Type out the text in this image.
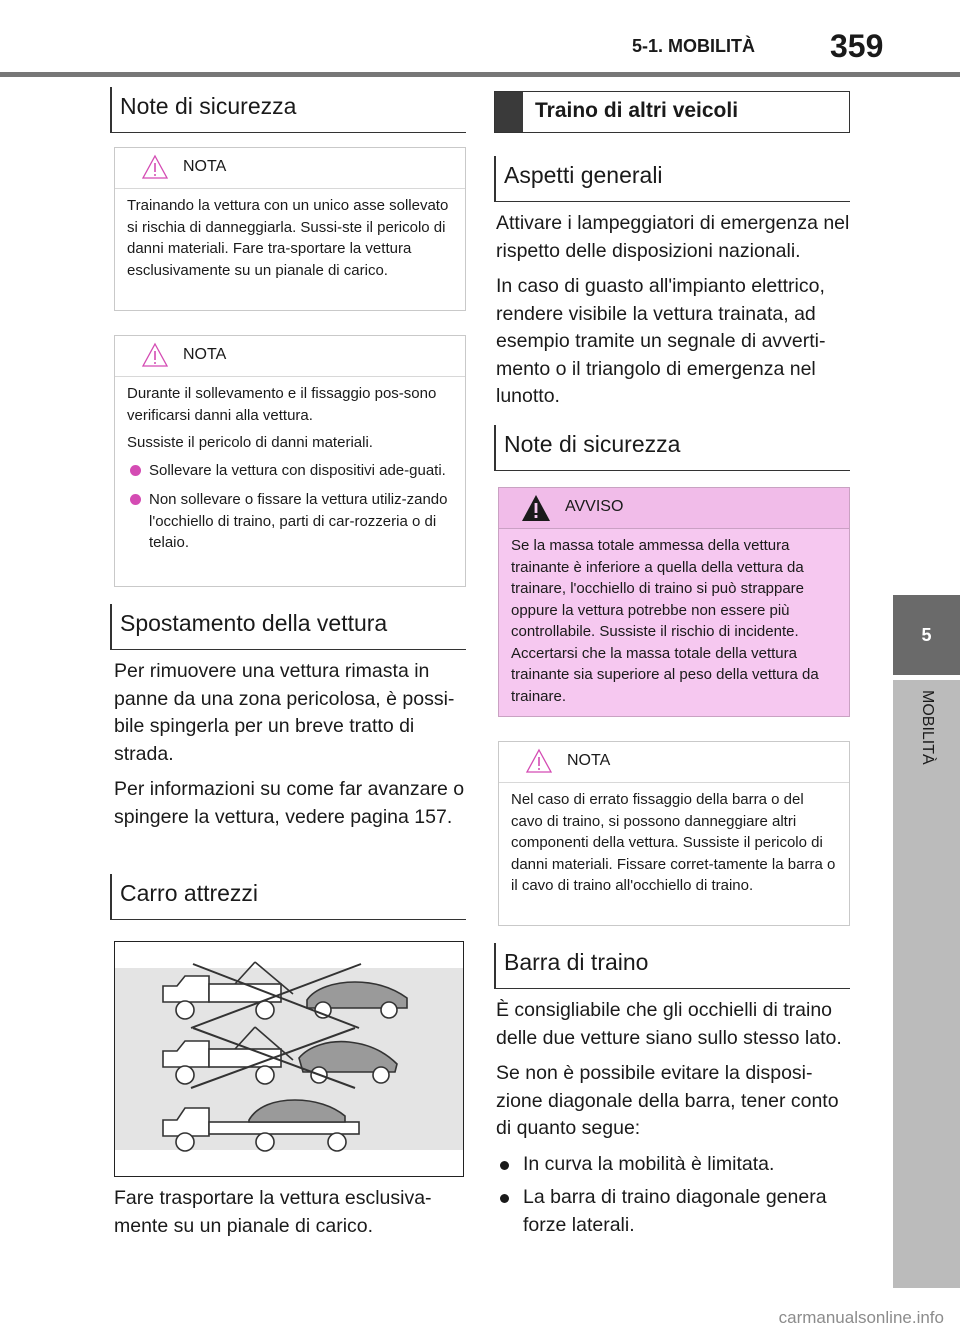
5-1. MOBILITÀ 359
5
MOBILITÀ
Note di sicurezza
NOTA

Trainando la vettura con un unico asse sollevato si rischia di danneggiarla. Sussi-ste il pericolo di danni materiali. Fare tra-sportare la vettura esclusivamente su un pianale di carico.

NOTA

Durante il sollevamento e il fissaggio pos-sono verificarsi danni alla vettura.

Sussiste il pericolo di danni materiali.

Sollevare la vettura con dispositivi ade-guati.
Non sollevare o fissare la vettura utiliz-zando l'occhiello di traino, parti di car-rozzeria o di telaio.
Spostamento della vettura

Per rimuovere una vettura rimasta in panne da una zona pericolosa, è possi-bile spingerla per un breve tratto di strada.

Per informazioni su come far avanzare o spingere la vettura, vedere pagina 157.

Carro attrezzi

Fare trasportare la vettura esclusiva-mente su un pianale di carico.

Traino di altri veicoli
Aspetti generali

Attivare i lampeggiatori di emergenza nel rispetto delle disposizioni nazionali.

In caso di guasto all'impianto elettrico, rendere visibile la vettura trainata, ad esempio tramite un segnale di avverti-mento o il triangolo di emergenza nel lunotto.

Note di sicurezza
AVVISO

Se la massa totale ammessa della vettura trainante è inferiore a quella della vettura da trainare, l'occhiello di traino si può strappare oppure la vettura potrebbe non essere più controllabile. Sussiste il rischio di incidente. Accertarsi che la massa totale della vettura trainante sia superiore al peso della vettura da trainare.

NOTA

Nel caso di errato fissaggio della barra o del cavo di traino, si possono danneggiare altri componenti della vettura. Sussiste il pericolo di danni materiali. Fissare corret-tamente la barra o il cavo di traino all'occhiello di traino.

Barra di traino

È consigliabile che gli occhielli di traino delle due vetture siano sullo stesso lato.

Se non è possibile evitare la disposi-zione diagonale della barra, tener conto di quanto segue:

In curva la mobilità è limitata.
La barra di traino diagonale genera forze laterali.
carmanualsonline.info
